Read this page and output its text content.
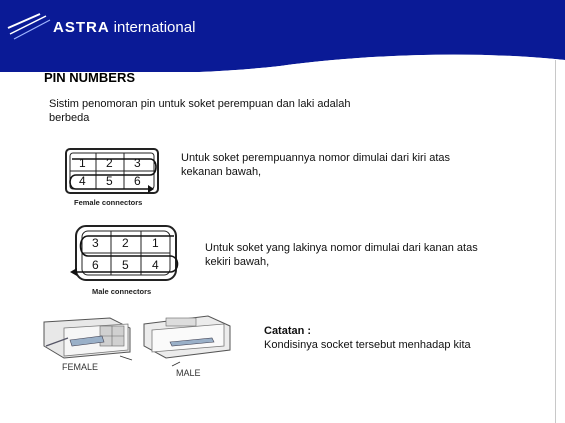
ASTRA international
PIN NUMBERS
Sistim penomoran pin untuk soket perempuan dan laki adalah berbeda
1 2 3
4 5 6
Female connectors
Untuk soket perempuannya nomor dimulai dari kiri atas kekanan bawah,
3 2 1
6 5 4
Male connectors
Untuk soket yang lakinya nomor dimulai dari kanan atas kekiri bawah,
FEMALE
MALE
Catatan :
Kondisinya socket tersebut menhadap kita
